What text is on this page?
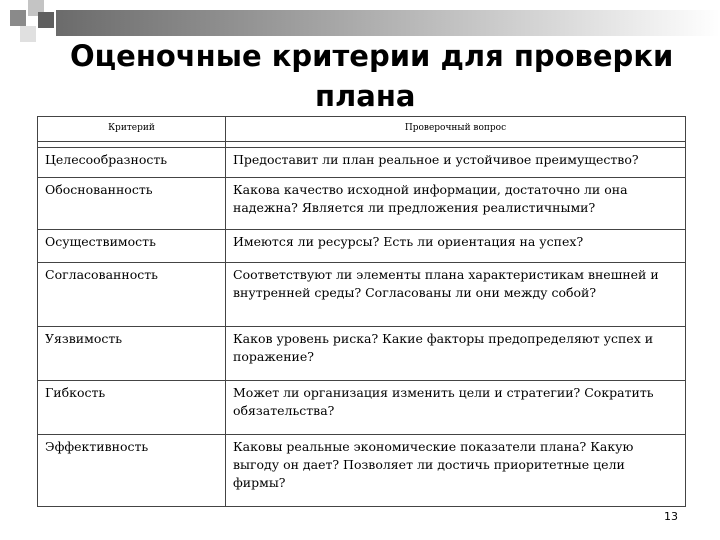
Оценочные критерии для проверки
плана
Критерий	Проверочный вопрос

Целесообразность	Предоставит ли план реальное и устойчивое преимущество?
Обоснованность	Какова качество исходной информации, достаточно ли она надежна? Является ли предложения реалистичными?
Осуществимость	Имеются ли ресурсы? Есть ли ориентация на успех?
Согласованность	Соответствуют ли элементы плана характеристикам внешней и внутренней среды? Согласованы ли они между собой?
Уязвимость	Каков уровень риска? Какие факторы предопределяют успех и поражение?
Гибкость	Может ли организация изменить цели и стратегии? Сократить обязательства?
Эффективность	Каковы реальные экономические показатели плана? Какую выгоду он дает? Позволяет ли достичь приоритетные цели фирмы?
13
